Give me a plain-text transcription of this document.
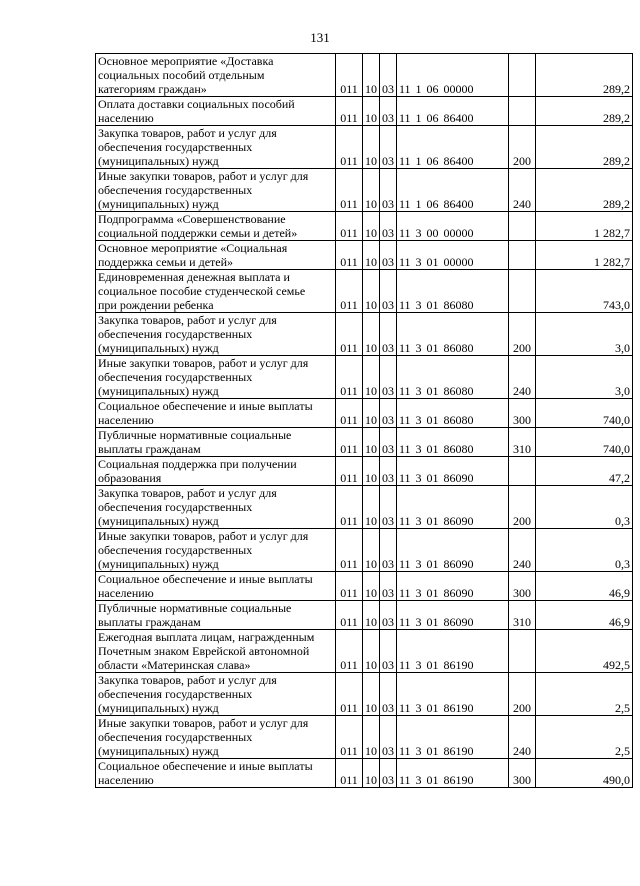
131
Основное мероприятие «Доставка
социальных пособий отдельным
категориям граждан»	011	10	03	11 1 06 00000		289,2

Оплата доставки социальных пособий
населению	011	10	03	11 1 06 86400		289,2

Закупка товаров, работ и услуг для
обеспечения государственных
(муниципальных) нужд	011	10	03	11 1 06 86400	200	289,2

Иные закупки товаров, работ и услуг для
обеспечения государственных
(муниципальных) нужд	011	10	03	11 1 06 86400	240	289,2

Подпрограмма «Совершенствование
социальной поддержки семьи и детей»	011	10	03	11 3 00 00000		1 282,7

Основное мероприятие «Социальная
поддержка семьи и детей»	011	10	03	11 3 01 00000		1 282,7

Единовременная денежная выплата и
социальное пособие студенческой семье
при рождении ребенка	011	10	03	11 3 01 86080		743,0

Закупка товаров, работ и услуг для
обеспечения государственных
(муниципальных) нужд	011	10	03	11 3 01 86080	200	3,0

Иные закупки товаров, работ и услуг для
обеспечения государственных
(муниципальных) нужд	011	10	03	11 3 01 86080	240	3,0

Социальное обеспечение и иные выплаты
населению	011	10	03	11 3 01 86080	300	740,0

Публичные нормативные социальные
выплаты гражданам	011	10	03	11 3 01 86080	310	740,0

Социальная поддержка при получении
образования	011	10	03	11 3 01 86090		47,2

Закупка товаров, работ и услуг для
обеспечения государственных
(муниципальных) нужд	011	10	03	11 3 01 86090	200	0,3

Иные закупки товаров, работ и услуг для
обеспечения государственных
(муниципальных) нужд	011	10	03	11 3 01 86090	240	0,3

Социальное обеспечение и иные выплаты
населению	011	10	03	11 3 01 86090	300	46,9

Публичные нормативные социальные
выплаты гражданам	011	10	03	11 3 01 86090	310	46,9

Ежегодная выплата лицам, награжденным
Почетным знаком Еврейской автономной
области «Материнская слава»	011	10	03	11 3 01 86190		492,5

Закупка товаров, работ и услуг для
обеспечения государственных
(муниципальных) нужд	011	10	03	11 3 01 86190	200	2,5

Иные закупки товаров, работ и услуг для
обеспечения государственных
(муниципальных) нужд	011	10	03	11 3 01 86190	240	2,5

Социальное обеспечение и иные выплаты
населению	011	10	03	11 3 01 86190	300	490,0
